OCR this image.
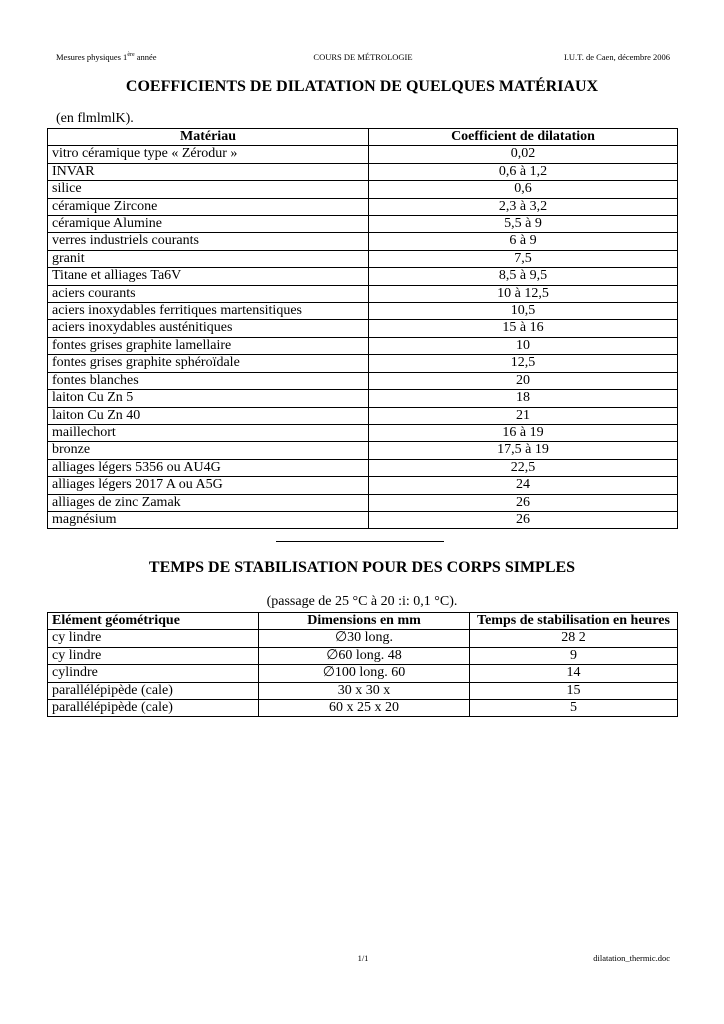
Mesures physiques 1ère année	COURS DE MÉTROLOGIE	I.U.T. de Caen, décembre 2006
COEFFICIENTS DE DILATATION DE QUELQUES MATÉRIAUX
(en flmlmlK).
Matériau	Coefficient de dilatation
vitro céramique type « Zérodur »	0,02
INVAR	0,6 à 1,2
silice	0,6
céramique Zircone	2,3 à 3,2
céramique Alumine	5,5 à 9
verres industriels courants	6 à 9
granit	7,5
Titane et alliages Ta6V	8,5 à 9,5
aciers courants	10 à 12,5
aciers inoxydables ferritiques martensitiques	10,5
aciers inoxydables austénitiques	15 à 16
fontes grises graphite lamellaire	10
fontes grises graphite sphéroïdale	12,5
fontes blanches	20
laiton Cu Zn 5	18
laiton Cu Zn 40	21
maillechort	16 à 19
bronze	17,5 à 19
alliages légers 5356 ou AU4G	22,5
alliages légers 2017 A ou A5G	24
alliages de zinc Zamak	26
magnésium	26
TEMPS DE STABILISATION POUR DES CORPS SIMPLES
(passage de 25 °C à 20 :i: 0,1 °C).
Elément géométrique	Dimensions en mm	Temps de stabilisation en heures
cy lindre	∅30 long.	28 2
cy lindre	∅60 long. 48	9
cylindre	∅100 long. 60	14
parallélépipède (cale)	30 x 30 x	15
parallélépipède (cale)	60 x 25 x 20	5
1/1	dilatation_thermic.doc
